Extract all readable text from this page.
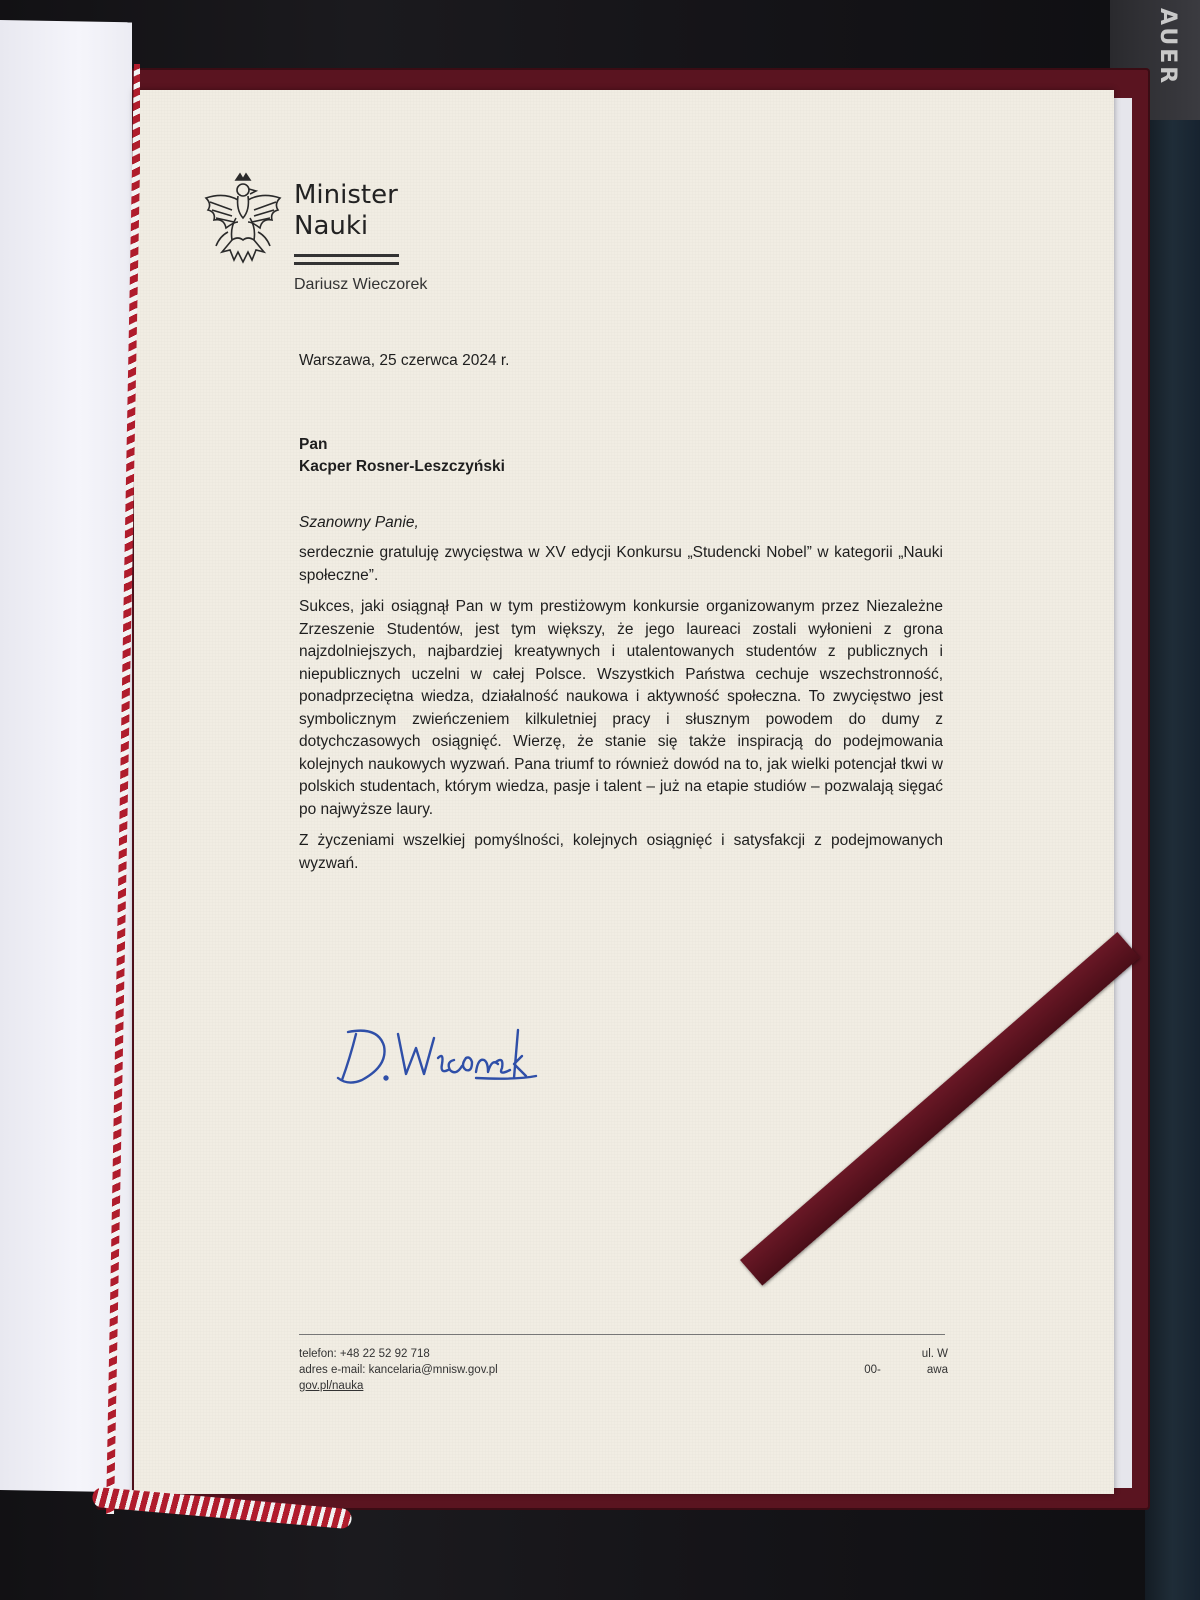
AUER
Minister
Nauki
Dariusz Wieczorek
Warszawa, 25 czerwca 2024 r.
Pan
Kacper Rosner-Leszczyński
Szanowny Panie,

serdecznie gratuluję zwycięstwa w XV edycji Konkursu „Studencki Nobel” w kategorii „Nauki społeczne”.

Sukces, jaki osiągnął Pan w tym prestiżowym konkursie organizowanym przez Niezależne Zrzeszenie Studentów, jest tym większy, że jego laureaci zostali wyłonieni z grona najzdolniejszych, najbardziej kreatywnych i utalentowanych studentów z publicznych i niepublicznych uczelni w całej Polsce. Wszystkich Państwa cechuje wszechstronność, ponadprzeciętna wiedza, działalność naukowa i aktywność społeczna. To zwycięstwo jest symbolicznym zwieńczeniem kilkuletniej pracy i słusznym powodem do dumy z dotychczasowych osiągnięć. Wierzę, że stanie się także inspiracją do podejmowania kolejnych naukowych wyzwań. Pana triumf to również dowód na to, jak wielki potencjał tkwi w polskich studentach, którym wiedza, pasje i talent – już na etapie studiów – pozwalają sięgać po najwyższe laury.

Z życzeniami wszelkiej pomyślności, kolejnych osiągnięć i satysfakcji z podejmowanych wyzwań.

telefon: +48 22 52 92 718
adres e-mail: kancelaria@mnisw.gov.pl
gov.pl/nauka
ul. W
00-	awa
